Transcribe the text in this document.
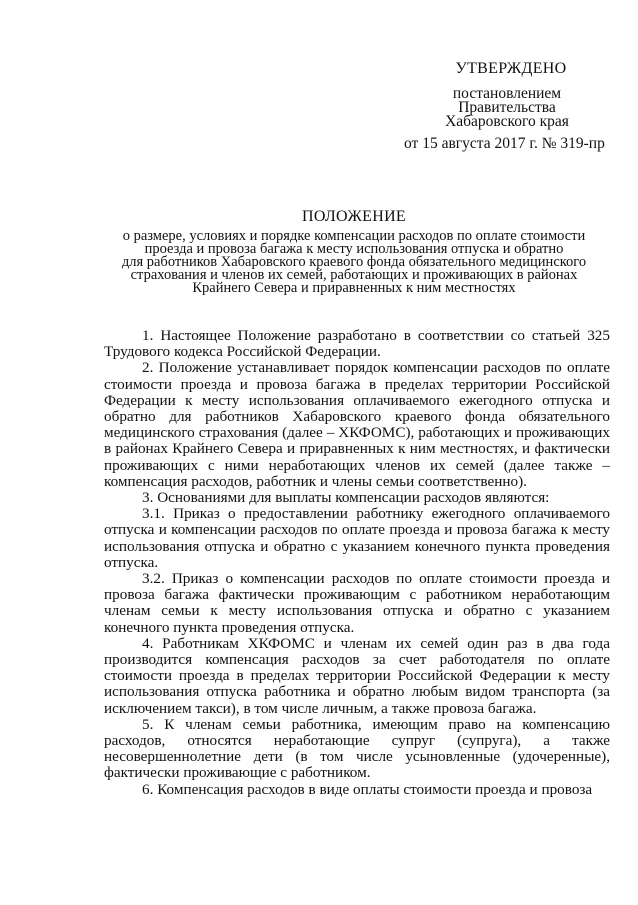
УТВЕРЖДЕНО
постановлением
Правительства
Хабаровского края
от 15 августа 2017 г. № 319-пр
ПОЛОЖЕНИЕ
о размере, условиях и порядке компенсации расходов по оплате стоимости
проезда и провоза багажа к месту использования отпуска и обратно
для работников Хабаровского краевого фонда обязательного медицинского
страхования и членов их семей, работающих и проживающих в районах
Крайнего Севера и приравненных к ним местностях

1. Настоящее Положение разработано в соответствии со статьей 325 Трудового кодекса Российской Федерации.

2. Положение устанавливает порядок компенсации расходов по оплате стоимости проезда и провоза багажа в пределах территории Российской Федерации к месту использования оплачиваемого ежегодного отпуска и обратно для работников Хабаровского краевого фонда обязательного медицинского страхования (далее – ХКФОМС), работающих и проживающих в районах Крайнего Севера и приравненных к ним местностях, и фактически проживающих с ними неработающих членов их семей (далее также – компенсация расходов, работник и члены семьи соответственно).

3. Основаниями для выплаты компенсации расходов являются:

3.1. Приказ о предоставлении работнику ежегодного оплачиваемого отпуска и компенсации расходов по оплате проезда и провоза багажа к месту использования отпуска и обратно с указанием конечного пункта проведения отпуска.

3.2. Приказ о компенсации расходов по оплате стоимости проезда и провоза багажа фактически проживающим с работником неработающим членам семьи к месту использования отпуска и обратно с указанием конечного пункта проведения отпуска.

4. Работникам ХКФОМС и членам их семей один раз в два года производится компенсация расходов за счет работодателя по оплате стоимости проезда в пределах территории Российской Федерации к месту использования отпуска работника и обратно любым видом транспорта (за исключением такси), в том числе личным, а также провоза багажа.

5. К членам семьи работника, имеющим право на компенсацию расходов, относятся неработающие супруг (супруга), а также несовершеннолетние дети (в том числе усыновленные (удочеренные), фактически проживающие с работником.

6. Компенсация расходов в виде оплаты стоимости проезда и провоза
